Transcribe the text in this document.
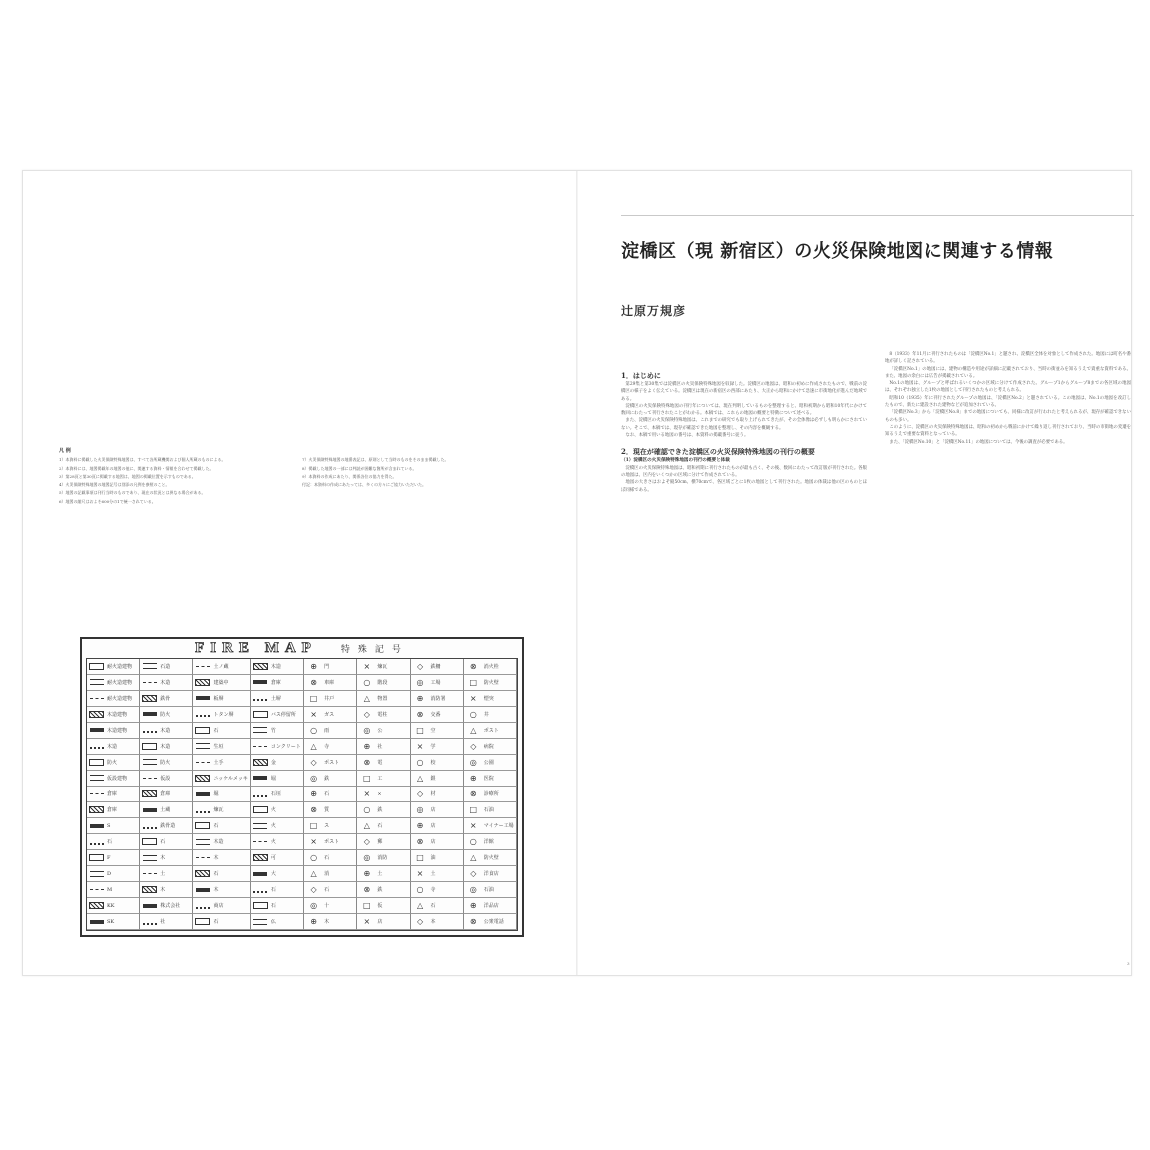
凡 例
1）本資料に掲載した火災保険特殊地図は、すべて各所蔵機関および個人所蔵のものによる。
2）本資料には、地図掲載年の地図の他に、関連する資料・情報を合わせて掲載した。
3）第28頁と第30頁に掲載する地図は、地図の掲載位置を示すものである。
4）火災保険特殊地図の地図記号は別添の凡例を参照のこと。
5）地図の記載事項は刊行当時のものであり、現在の状況とは異なる場合がある。
6）地図の縮尺はおよそ600分の1で統一されている。
7）火災保険特殊地図の地番表記は、原則として当時のものをそのまま掲載した。
8）掲載した地図の一部には判読が困難な箇所が含まれている。
9）本資料の作成にあたり、関係各位の協力を得た。
付記：本資料の作成にあたっては、多くの方々にご協力いただいた。
FIRE MAP	特殊記号
耐火造建物	石造	土ノ蔵	木造	⊕	門	×	煉瓦	◇	鉄柵	⊗	消火栓
耐火造建物	木造	建築中	倉庫	⊗	車庫	○	階段	◎	工場	□	防火壁
耐火造建物	鉄骨	板塀	土塀	□	井戸	△	物置	⊕	消防署	×	煙突
木造建物	防火	トタン塀	バス停留所	×	ガス	◇	電柱	⊗	交番	○	井
木造建物	木造	石	竹	○	雨	◎	公	□	空	△	ポスト
木造	木造	生垣	コンクリート	△	寺	⊕	社	×	学	◇	病院
防火	防火	土手	金	◇	ポスト	⊗	電	○	校	◎	公園
仮設建物	仮設	ニッケルメッキ	堀	◎	鉄	□	工	△	銀	⊕	医院
倉庫	倉庫	堀	石垣	⊕	石	×	×	◇	材	⊗	診療所
倉庫	土蔵	煉瓦	火	⊗	質	○	鉄	◎	店	□	石油
S	鉄骨造	石	火	□	ス	△	石	⊕	店	×	マイナー工場
石	石	木造	火	×	ポスト	◇	郵	⊗	店	○	洋館
F	木	木	可	○	石	◎	消防	□	油	△	防火壁
D	土	石	大	△	消	⊕	土	×	土	◇	洋食店
M	木	木	石	◇	石	⊗	鉄	○	寺	◎	石油
KK	株式会社	商店	石	◎	十	□	仮	△	石	⊕	洋品店
SK	社	石	仏	⊕	木	×	店	◇	本	⊗	公衆電話
淀橋区（現 新宿区）の火災保険地図に関連する情報
辻原万規彦
1．はじめに

第29集と第30集では淀橋区の火災保険特殊地図を収録した。淀橋区の地図は、昭和の初めに作成されたもので、戦前の淀橋区の様子をよく伝えている。淀橋区は現在の新宿区の西部にあたり、大正から昭和にかけて急速に市街地化が進んだ地域である。

淀橋区の火災保険特殊地図の刊行年については、現在判明しているものを整理すると、昭和初期から昭和10年代にかけて数回にわたって刊行されたことがわかる。本稿では、これらの地図の概要と特徴について述べる。

また、淀橋区の火災保険特殊地図は、これまでの研究でも取り上げられてきたが、その全体像は必ずしも明らかにされていない。そこで、本稿では、現存が確認できた地図を整理し、その内容を概観する。

なお、本稿で用いる地図の番号は、本資料の掲載番号に従う。

2．現在が確認できた淀橋区の火災保険特殊地図の刊行の概要
（1）淀橋区の火災保険特殊地図の刊行の概要と体裁

淀橋区の火災保険特殊地図は、昭和初期に刊行されたものが最も古く、その後、数回にわたって改訂版が刊行された。各版の地図は、区内をいくつかの区域に分けて作成されている。

地図の大きさはおよそ縦50cm、横70cmで、各区域ごとに1枚の地図として刊行された。地図の体裁は他の区のものとほぼ同様である。

8（1933）年11月に刊行されたものは「淀橋区No.1」と題され、淀橋区全体を対象として作成された。地図には町名や番地が詳しく記されている。

「淀橋区No.1」の地図には、建物の構造や用途が詳細に記載されており、当時の街並みを知るうえで貴重な資料である。また、地図の余白には広告が掲載されている。

No.1の地図は、グループと呼ばれるいくつかの区域に分けて作成された。グループ1からグループ8までの各区域の地図は、それぞれ独立した1枚の地図として刊行されたものと考えられる。

昭和10（1935）年に刊行されたグループの地図は、「淀橋区No.2」と題されている。この地図は、No.1の地図を改訂したもので、新たに建設された建物などが追加されている。

「淀橋区No.3」から「淀橋区No.8」までの地図についても、同様に改訂が行われたと考えられるが、現存が確認できないものも多い。

このように、淀橋区の火災保険特殊地図は、昭和の初めから戦前にかけて繰り返し刊行されており、当時の市街地の変遷を知るうえで重要な資料となっている。

また、「淀橋区No.10」と「淀橋区No.11」の地図については、今後の調査が必要である。

3
